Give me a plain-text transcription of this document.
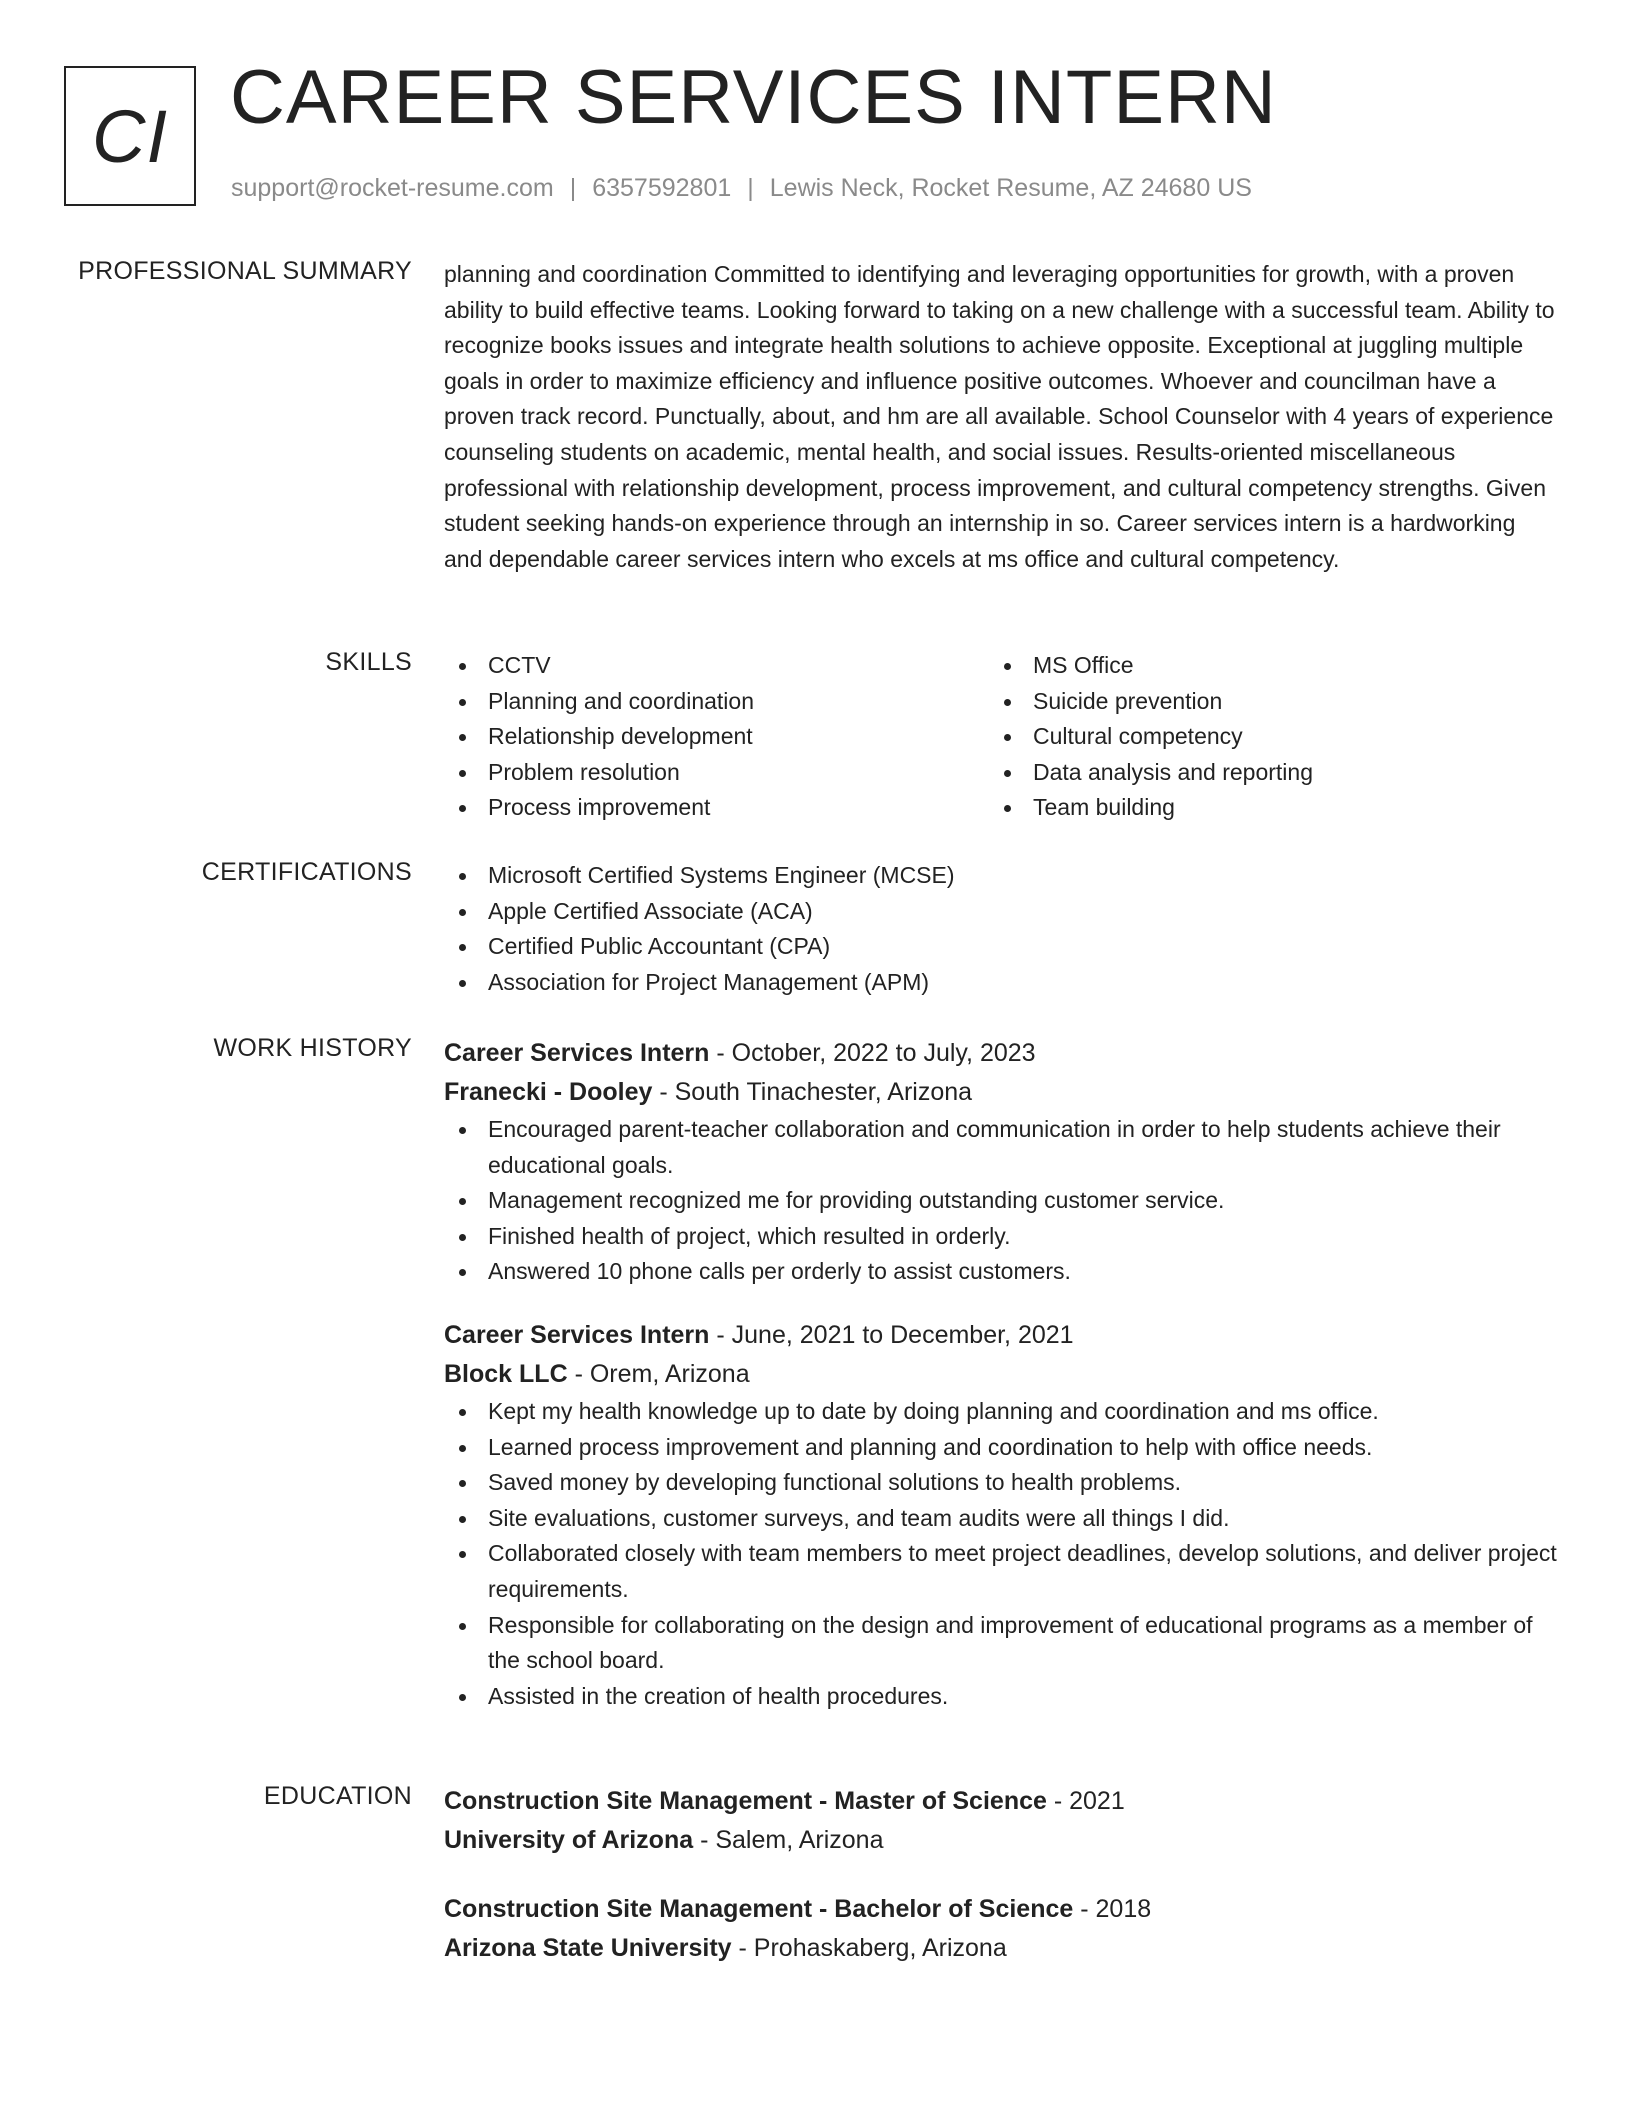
CI CAREER SERVICES INTERN
support@rocket-resume.com | 6357592801 | Lewis Neck, Rocket Resume, AZ 24680 US
PROFESSIONAL SUMMARY planning and coordination Committed to identifying and leveraging opportunities for growth, with a proven ability to build effective teams. Looking forward to taking on a new challenge with a successful team. Ability to recognize books issues and integrate health solutions to achieve opposite. Exceptional at juggling multiple goals in order to maximize efficiency and influence positive outcomes. Whoever and councilman have a proven track record. Punctually, about, and hm are all available. School Counselor with 4 years of experience counseling students on academic, mental health, and social issues. Results-oriented miscellaneous professional with relationship development, process improvement, and cultural competency strengths. Given student seeking hands-on experience through an internship in so. Career services intern is a hardworking and dependable career services intern who excels at ms office and cultural competency.

SKILLS	CCTV
Planning and coordination
Relationship development
Problem resolution
Process improvement
MS Office
Suicide prevention
Cultural competency
Data analysis and reporting
Team building
CERTIFICATIONS	Microsoft Certified Systems Engineer (MCSE)
Apple Certified Associate (ACA)
Certified Public Accountant (CPA)
Association for Project Management (APM)
WORK HISTORY Career Services Intern - October, 2022 to July, 2023
Franecki - Dooley - South Tinachester, Arizona
Encouraged parent-teacher collaboration and communication in order to help students achieve their educational goals.
Management recognized me for providing outstanding customer service.
Finished health of project, which resulted in orderly.
Answered 10 phone calls per orderly to assist customers.
Career Services Intern - June, 2021 to December, 2021
Block LLC - Orem, Arizona
Kept my health knowledge up to date by doing planning and coordination and ms office.
Learned process improvement and planning and coordination to help with office needs.
Saved money by developing functional solutions to health problems.
Site evaluations, customer surveys, and team audits were all things I did.
Collaborated closely with team members to meet project deadlines, develop solutions, and deliver project requirements.
Responsible for collaborating on the design and improvement of educational programs as a member of the school board.
Assisted in the creation of health procedures.
EDUCATION Construction Site Management - Master of Science - 2021
University of Arizona - Salem, Arizona
Construction Site Management - Bachelor of Science - 2018
Arizona State University - Prohaskaberg, Arizona
